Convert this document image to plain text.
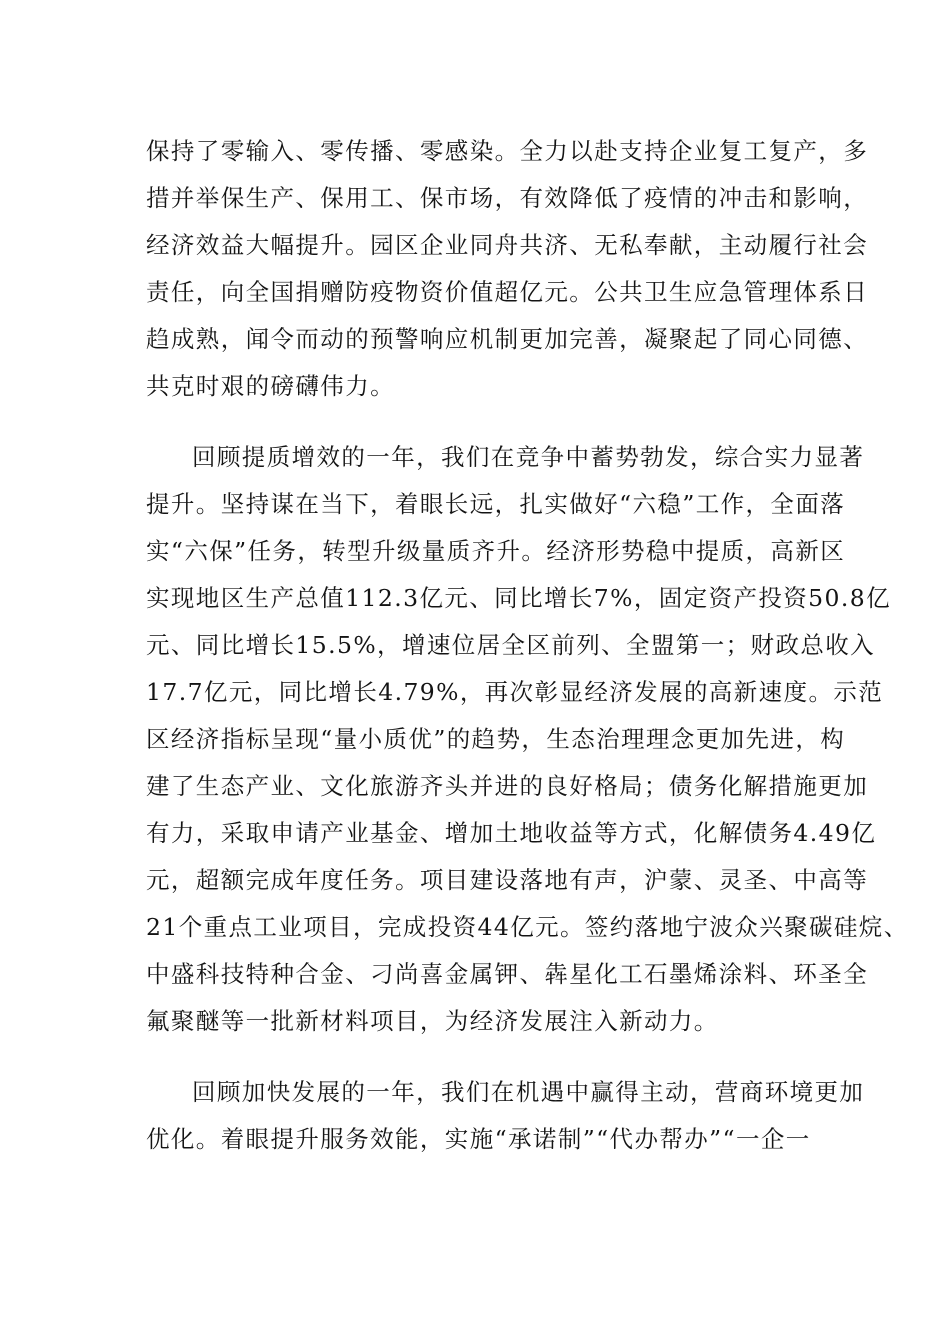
保持了零输入、零传播、零感染。全力以赴支持企业复工复产，多
措并举保生产、保用工、保市场，有效降低了疫情的冲击和影响，
经济效益大幅提升。园区企业同舟共济、无私奉献，主动履行社会
责任，向全国捐赠防疫物资价值超亿元。公共卫生应急管理体系日
趋成熟，闻令而动的预警响应机制更加完善，凝聚起了同心同德、
共克时艰的磅礴伟力。
回顾提质增效的一年，我们在竞争中蓄势勃发，综合实力显著
提升。坚持谋在当下，着眼长远，扎实做好“六稳”工作，全面落
实“六保”任务，转型升级量质齐升。经济形势稳中提质，高新区
实现地区生产总值112.3亿元、同比增长7%，固定资产投资50.8亿
元、同比增长15.5%，增速位居全区前列、全盟第一；财政总收入
17.7亿元，同比增长4.79%，再次彰显经济发展的高新速度。示范
区经济指标呈现“量小质优”的趋势，生态治理理念更加先进，构
建了生态产业、文化旅游齐头并进的良好格局；债务化解措施更加
有力，采取申请产业基金、增加土地收益等方式，化解债务4.49亿
元，超额完成年度任务。项目建设落地有声，沪蒙、灵圣、中高等
21个重点工业项目，完成投资44亿元。签约落地宁波众兴聚碳硅烷、
中盛科技特种合金、刁尚喜金属钾、犇星化工石墨烯涂料、环圣全
氟聚醚等一批新材料项目，为经济发展注入新动力。
回顾加快发展的一年，我们在机遇中赢得主动，营商环境更加
优化。着眼提升服务效能，实施“承诺制”“代办帮办”“一企一
